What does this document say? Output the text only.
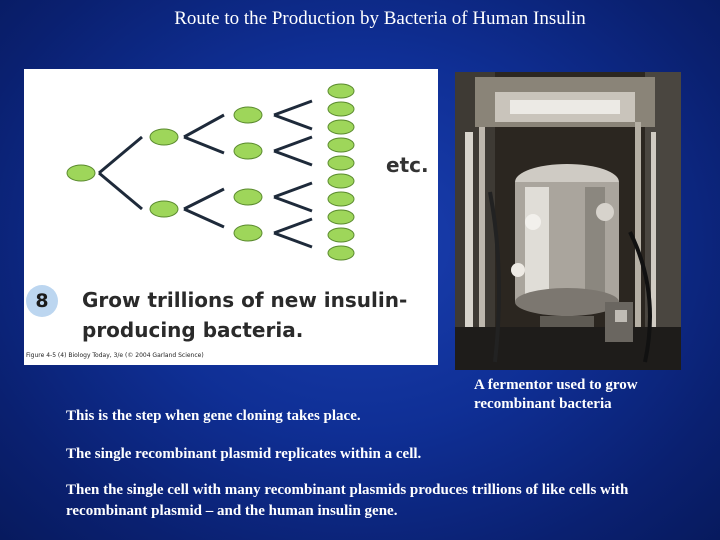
Route to the Production by Bacteria of Human Insulin
etc.
8	Grow trillions of new insulin-producing bacteria.
Figure 4-5 (4) Biology Today, 3/e (© 2004 Garland Science)
A fermentor used to grow recombinant bacteria
This is the step when gene cloning takes place.
The single recombinant plasmid replicates within a cell.
Then the single cell with many recombinant plasmids produces trillions of like cells with recombinant plasmid – and the human insulin gene.
